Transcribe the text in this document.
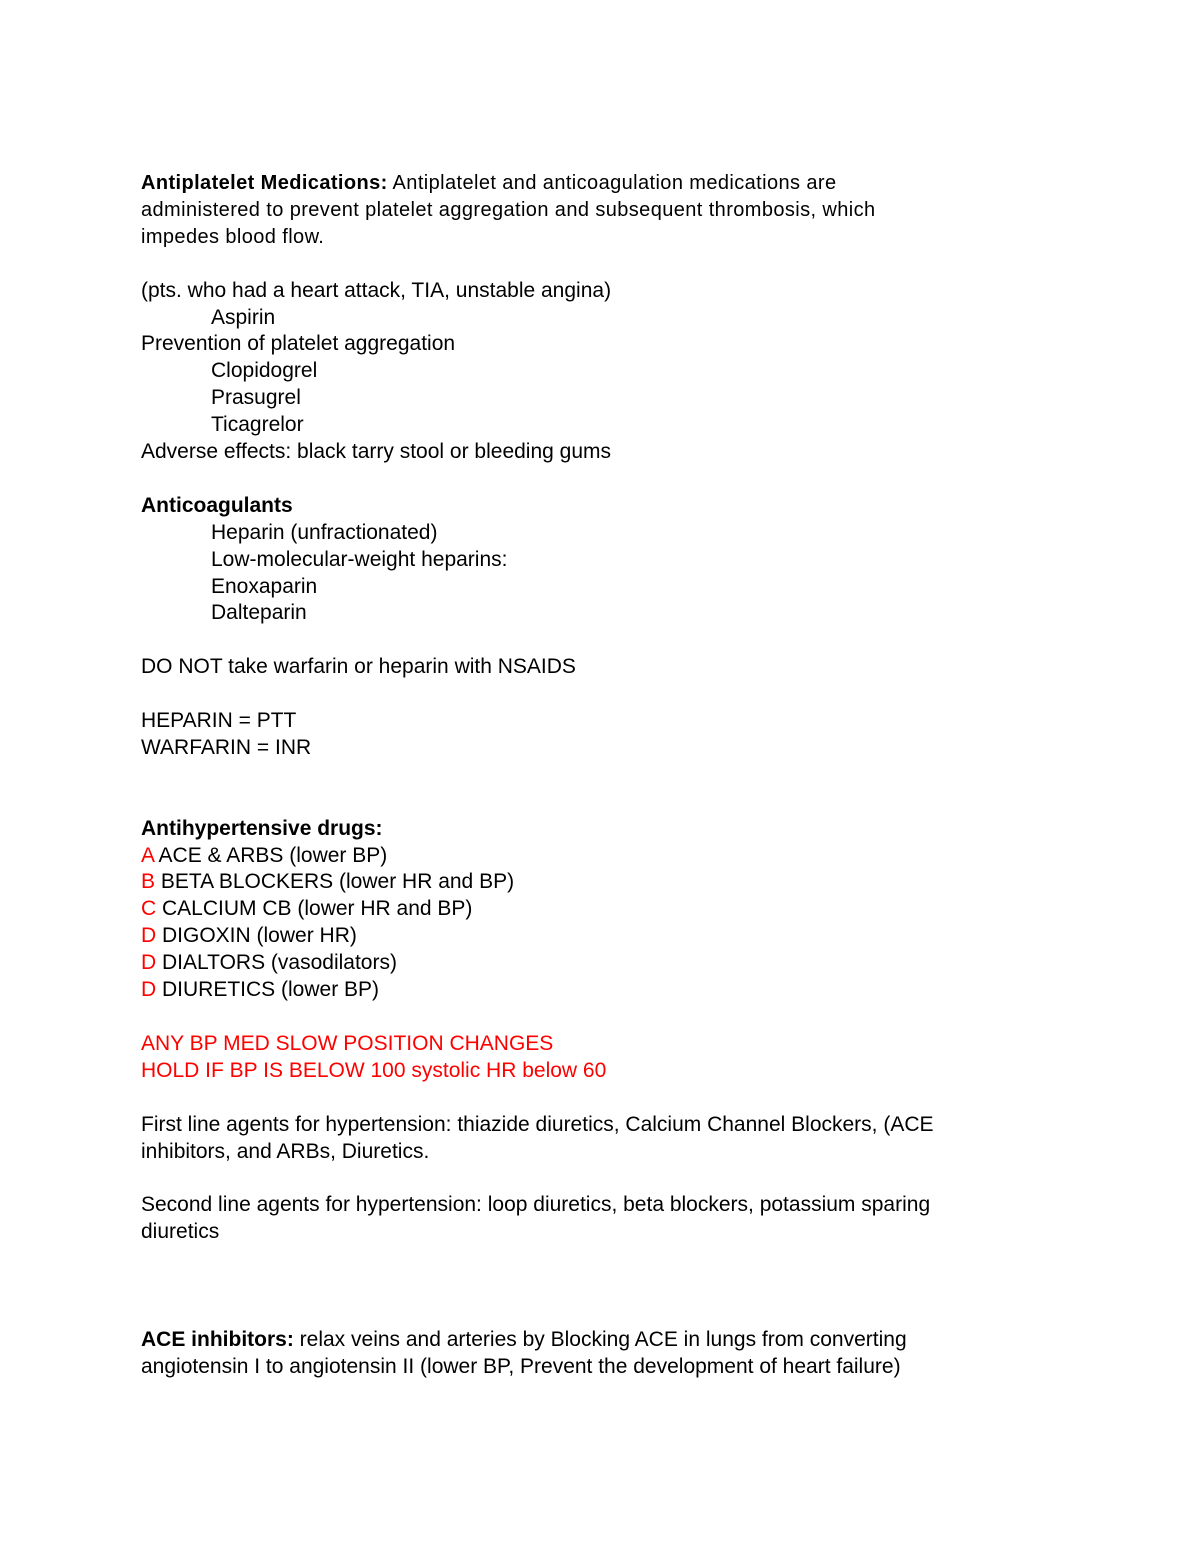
Antiplatelet Medications: Antiplatelet and anticoagulation medications are
administered to prevent platelet aggregation and subsequent thrombosis, which
impedes blood flow.
(pts. who had a heart attack, TIA, unstable angina)
Aspirin
Prevention of platelet aggregation
Clopidogrel
Prasugrel
Ticagrelor
Adverse effects: black tarry stool or bleeding gums
Anticoagulants
Heparin (unfractionated)
Low-molecular-weight heparins:
Enoxaparin
Dalteparin
DO NOT take warfarin or heparin with NSAIDS
HEPARIN = PTT
WARFARIN = INR
Antihypertensive drugs:
A ACE & ARBS (lower BP)
B BETA BLOCKERS (lower HR and BP)
C CALCIUM CB (lower HR and BP)
D DIGOXIN (lower HR)
D DIALTORS (vasodilators)
D DIURETICS (lower BP)
ANY BP MED SLOW POSITION CHANGES
HOLD IF BP IS BELOW 100 systolic HR below 60
First line agents for hypertension: thiazide diuretics, Calcium Channel Blockers, (ACE
inhibitors, and ARBs, Diuretics.
Second line agents for hypertension: loop diuretics, beta blockers, potassium sparing
diuretics
ACE inhibitors: relax veins and arteries by Blocking ACE in lungs from converting
angiotensin I to angiotensin II (lower BP, Prevent the development of heart failure)
